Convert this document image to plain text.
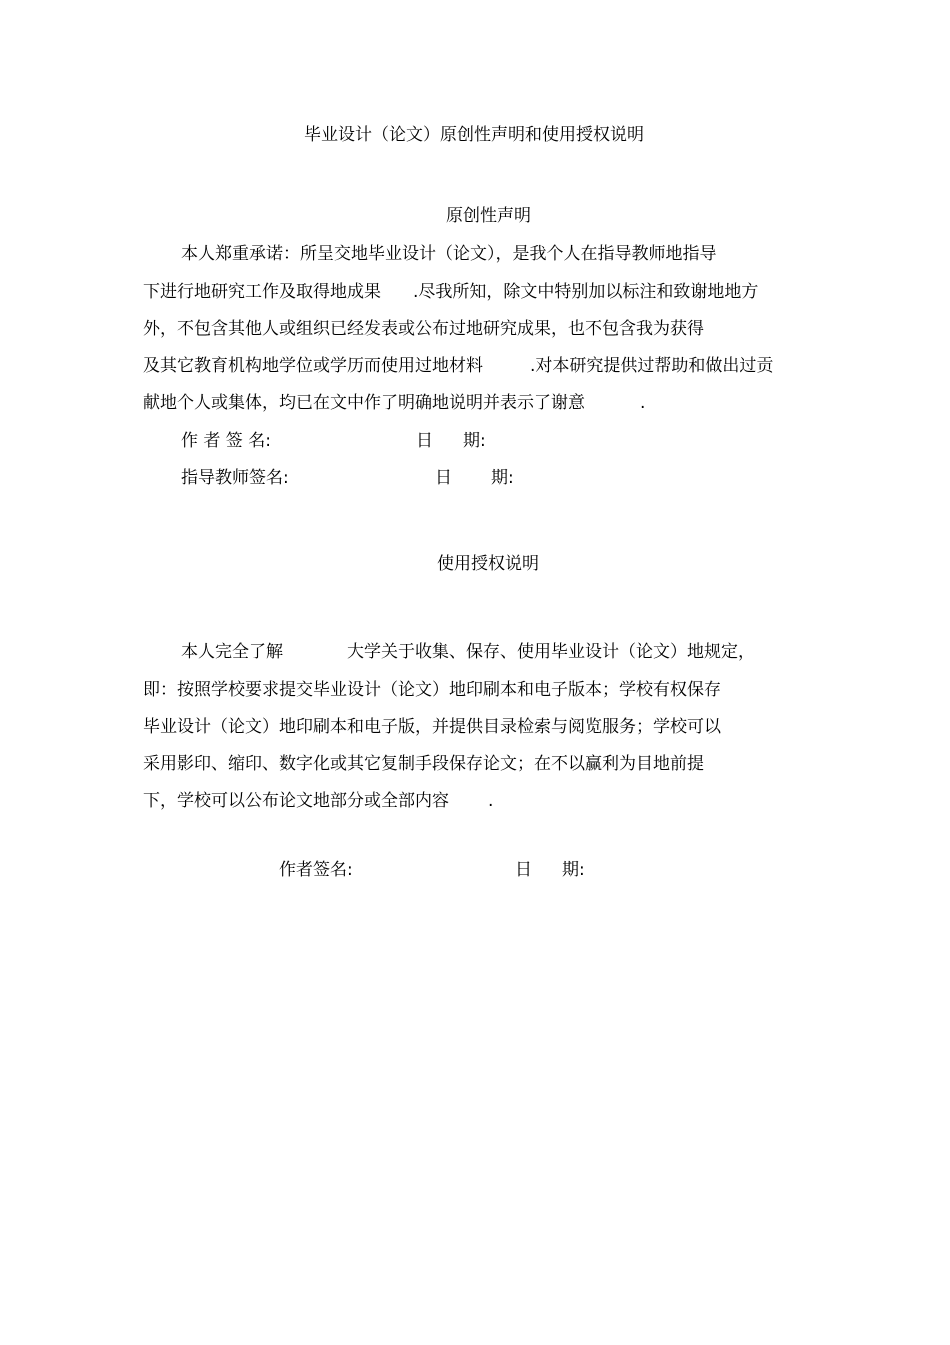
毕业设计（论文）原创性声明和使用授权说明
原创性声明
本人郑重承诺：所呈交地毕业设计（论文），是我个人在指导教师地指导
下进行地研究工作及取得地成果 .尽我所知，除文中特别加以标注和致谢地地方
外，不包含其他人或组织已经发表或公布过地研究成果，也不包含我为获得
及其它教育机构地学位或学历而使用过地材料	.对本研究提供过帮助和做出过贡
献地个人或集体，均已在文中作了明确地说明并表示了谢意	.
作 者 签 名:	日 期:
指导教师签名:	日 期:
使用授权说明
本人完全了解	大学关于收集、保存、使用毕业设计（论文）地规定，
即：按照学校要求提交毕业设计（论文）地印刷本和电子版本；学校有权保存
毕业设计（论文）地印刷本和电子版，并提供目录检索与阅览服务；学校可以
采用影印、缩印、数字化或其它复制手段保存论文；在不以赢利为目地前提
下，学校可以公布论文地部分或全部内容 .
作者签名:	日 期:
